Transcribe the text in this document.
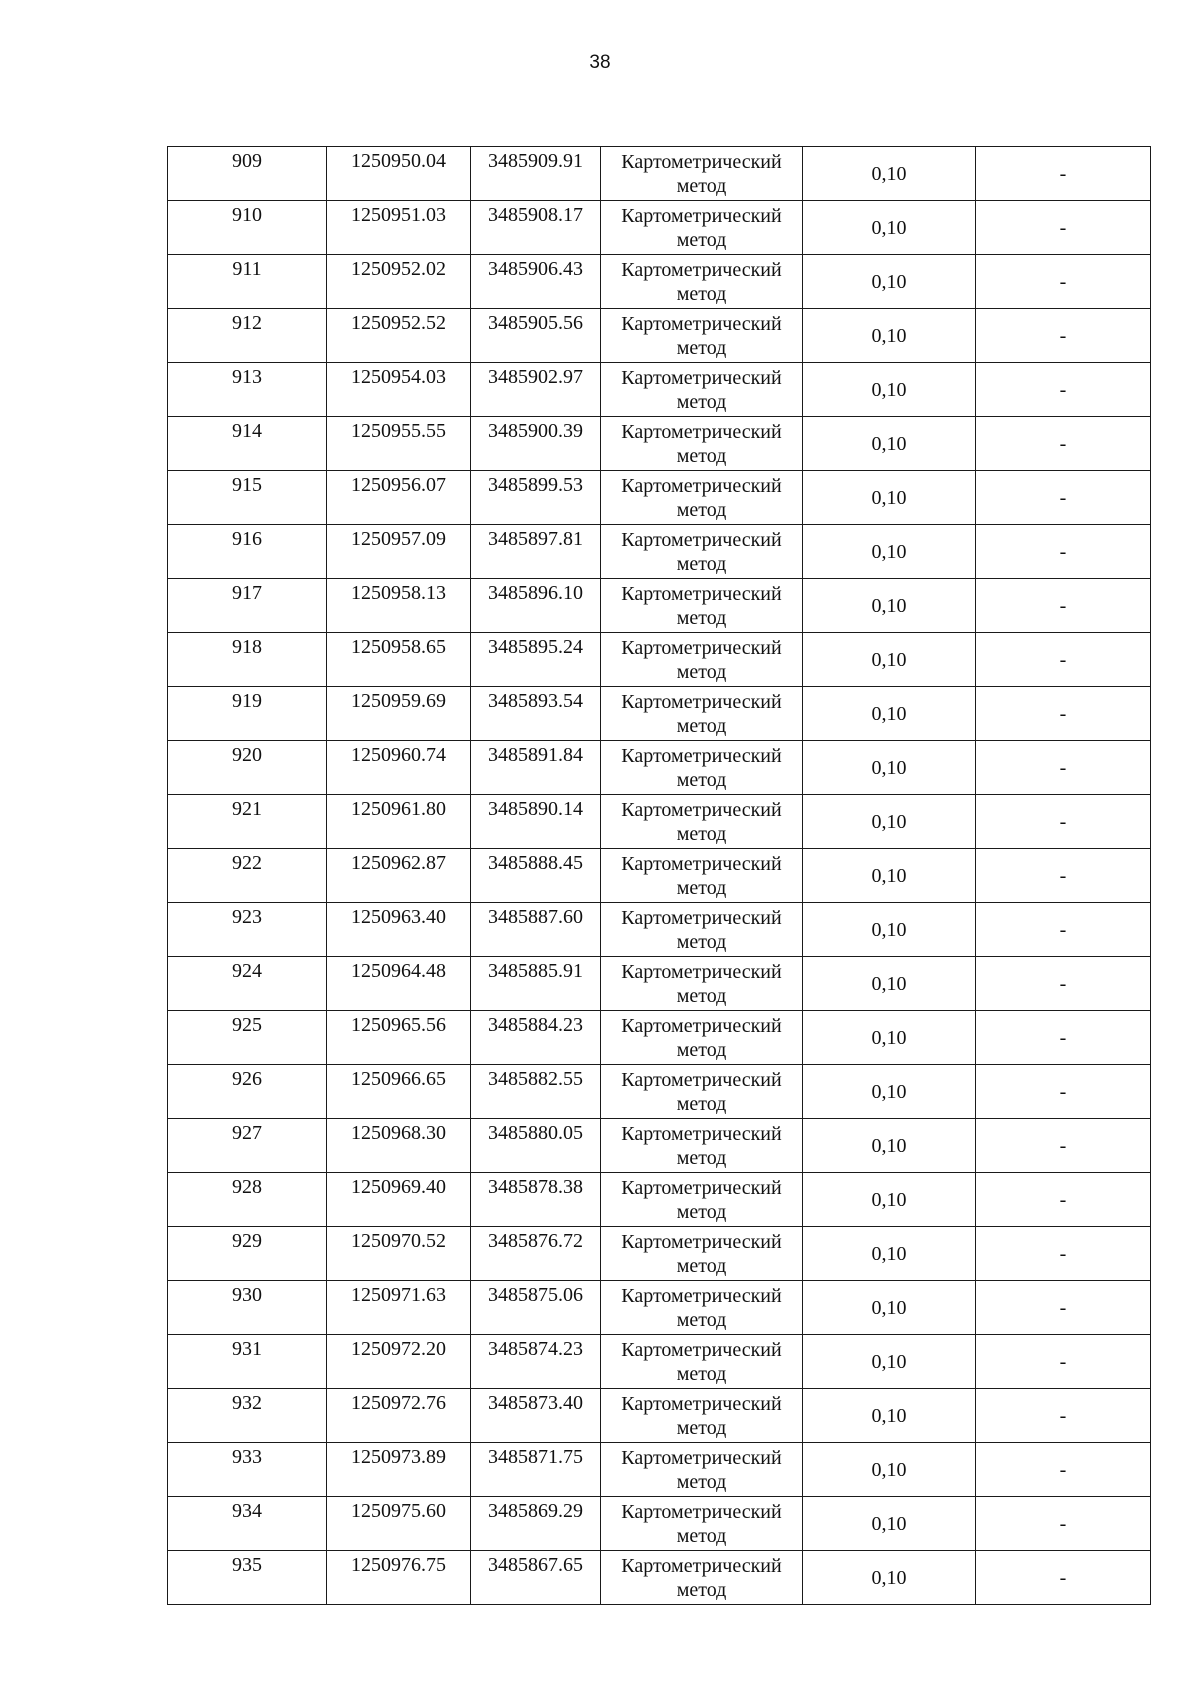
38
909	1250950.04	3485909.91	Картометрический
метод	0,10	-
910	1250951.03	3485908.17	Картометрический
метод	0,10	-
911	1250952.02	3485906.43	Картометрический
метод	0,10	-
912	1250952.52	3485905.56	Картометрический
метод	0,10	-
913	1250954.03	3485902.97	Картометрический
метод	0,10	-
914	1250955.55	3485900.39	Картометрический
метод	0,10	-
915	1250956.07	3485899.53	Картометрический
метод	0,10	-
916	1250957.09	3485897.81	Картометрический
метод	0,10	-
917	1250958.13	3485896.10	Картометрический
метод	0,10	-
918	1250958.65	3485895.24	Картометрический
метод	0,10	-
919	1250959.69	3485893.54	Картометрический
метод	0,10	-
920	1250960.74	3485891.84	Картометрический
метод	0,10	-
921	1250961.80	3485890.14	Картометрический
метод	0,10	-
922	1250962.87	3485888.45	Картометрический
метод	0,10	-
923	1250963.40	3485887.60	Картометрический
метод	0,10	-
924	1250964.48	3485885.91	Картометрический
метод	0,10	-
925	1250965.56	3485884.23	Картометрический
метод	0,10	-
926	1250966.65	3485882.55	Картометрический
метод	0,10	-
927	1250968.30	3485880.05	Картометрический
метод	0,10	-
928	1250969.40	3485878.38	Картометрический
метод	0,10	-
929	1250970.52	3485876.72	Картометрический
метод	0,10	-
930	1250971.63	3485875.06	Картометрический
метод	0,10	-
931	1250972.20	3485874.23	Картометрический
метод	0,10	-
932	1250972.76	3485873.40	Картометрический
метод	0,10	-
933	1250973.89	3485871.75	Картометрический
метод	0,10	-
934	1250975.60	3485869.29	Картометрический
метод	0,10	-
935	1250976.75	3485867.65	Картометрический
метод	0,10	-
